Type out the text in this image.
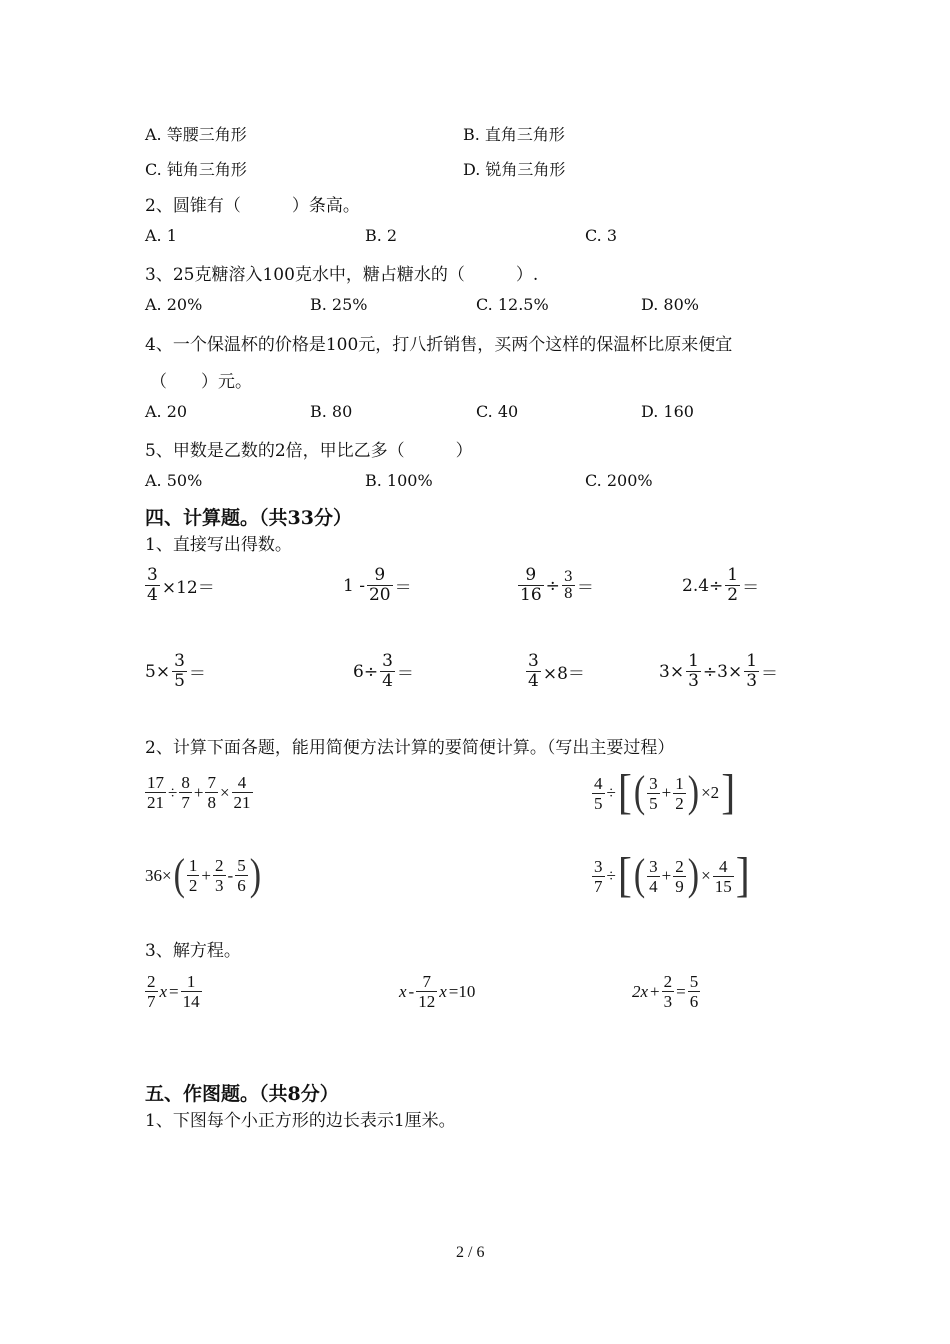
A. 等腰三角形	B. 直角三角形
C. 钝角三角形	D. 锐角三角形
2、圆锥有（　　　）条高。
A. 1	B. 2	C. 3
3、25克糖溶入100克水中，糖占糖水的（　　　）.
A. 20%	B. 25%	C. 12.5%	D. 80%
4、一个保温杯的价格是100元，打八折销售，买两个这样的保温杯比原来便宜
（　　）元。
A. 20	B. 80	C. 40	D. 160
5、甲数是乙数的2倍，甲比乙多（　　　）
A. 50%	B. 100%	C. 200%
四、计算题。（共33分）
1、直接写出得数。
$\frac{3}{4} \times 12=$	$1 - \frac{9}{20}$ ＝	$\frac{9}{16} \div \frac{3}{8}$ ＝	$2.4\div \frac{1}{2}$ ＝
$5\times \frac{3}{5}$ ＝	$6\div \frac{3}{4}$ ＝	$\frac{3}{4} \times 8=$	$3\times \frac{1}{3} \div 3\times \frac{1}{3}$ ＝
2、计算下面各题，能用简便方法计算的要简便计算。（写出主要过程）
$\frac{17}{21} \div \frac{8}{7} + \frac{7}{8} \times \frac{4}{21}$	$\frac{4}{5}$ ÷ [ ( $\frac{3}{5} + \frac{1}{2}$ ) ×2 ]
36× ( $\frac{1}{2} + \frac{2}{3} - \frac{5}{6}$ )	$\frac{3}{7}$ ÷ [ ( $\frac{3}{4} + \frac{2}{9}$ ) × $\frac{4}{15}$ ]
3、解方程。
$\frac{2}{7}$ $x = \frac{1}{14}$	x - $\frac{7}{12}$ x =10	$2x + \frac{2}{3} = \frac{5}{6}$
五、作图题。（共8分）
1、下图每个小正方形的边长表示1厘米。
2 / 6
